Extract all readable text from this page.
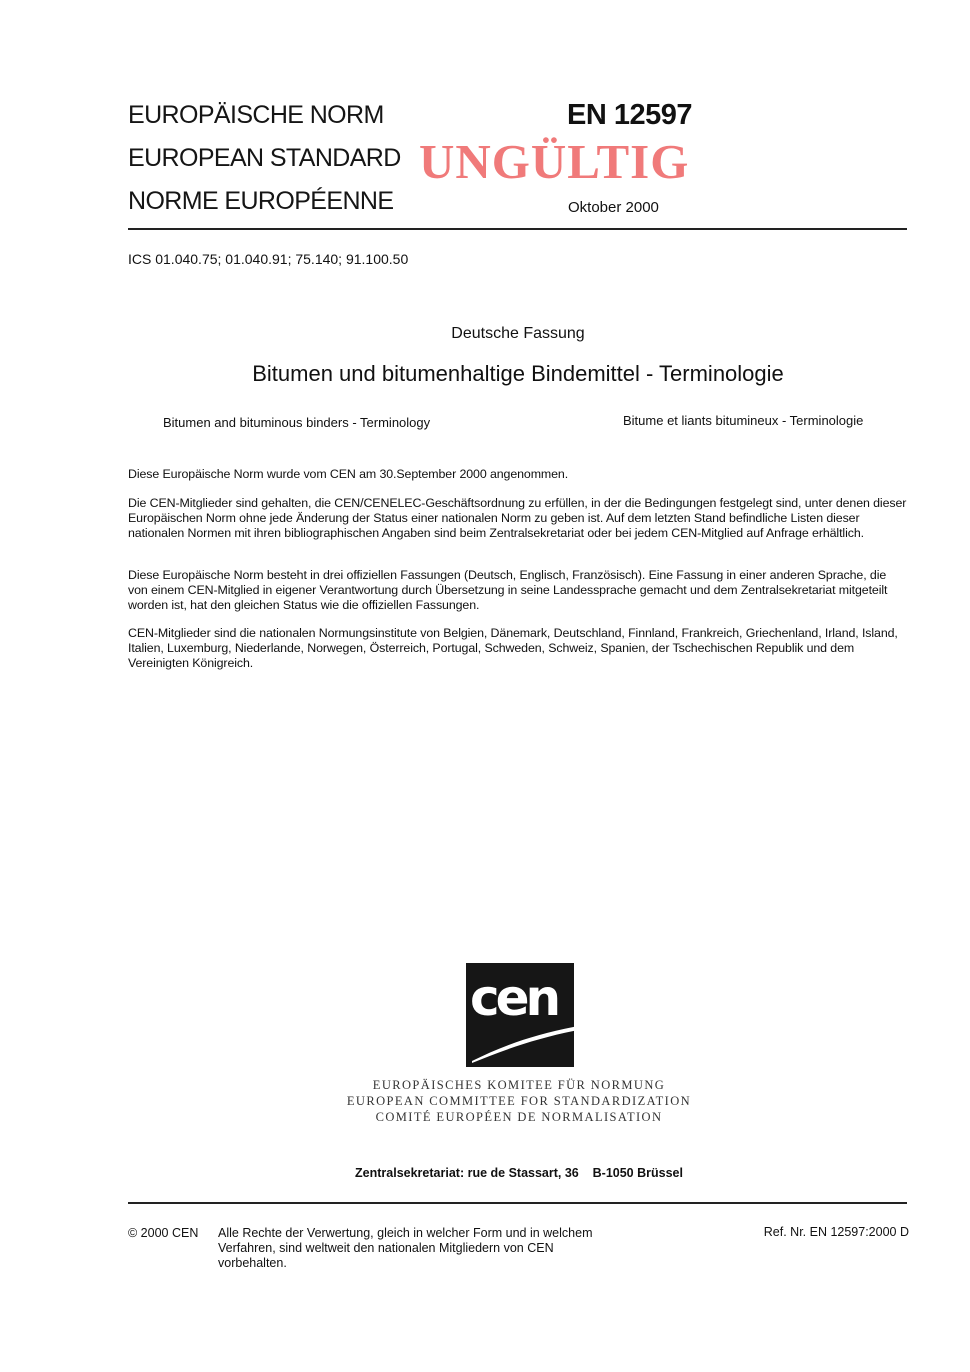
EUROPÄISCHE NORM
EUROPEAN STANDARD
NORME EUROPÉENNE
EN 12597
UNGÜLTIG
Oktober 2000
ICS 01.040.75; 01.040.91; 75.140; 91.100.50
Deutsche Fassung
Bitumen und bitumenhaltige Bindemittel - Terminologie
Bitumen and bituminous binders - Terminology	Bitume et liants bitumineux - Terminologie
Diese Europäische Norm wurde vom CEN am 30.September 2000 angenommen.
Die CEN-Mitglieder sind gehalten, die CEN/CENELEC-Geschäftsordnung zu erfüllen, in der die Bedingungen festgelegt sind, unter denen dieser Europäischen Norm ohne jede Änderung der Status einer nationalen Norm zu geben ist. Auf dem letzten Stand befindliche Listen dieser nationalen Normen mit ihren bibliographischen Angaben sind beim Zentralsekretariat oder bei jedem CEN-Mitglied auf Anfrage erhältlich.
Diese Europäische Norm besteht in drei offiziellen Fassungen (Deutsch, Englisch, Französisch). Eine Fassung in einer anderen Sprache, die von einem CEN-Mitglied in eigener Verantwortung durch Übersetzung in seine Landessprache gemacht und dem Zentralsekretariat mitgeteilt worden ist, hat den gleichen Status wie die offiziellen Fassungen.
CEN-Mitglieder sind die nationalen Normungsinstitute von Belgien, Dänemark, Deutschland, Finnland, Frankreich, Griechenland, Irland, Island, Italien, Luxemburg, Niederlande, Norwegen, Österreich, Portugal, Schweden, Schweiz, Spanien, der Tschechischen Republik und dem Vereinigten Königreich.
cen
EUROPÄISCHES KOMITEE FÜR NORMUNG
EUROPEAN COMMITTEE FOR STANDARDIZATION
COMITÉ EUROPÉEN DE NORMALISATION
Zentralsekretariat: rue de Stassart, 36    B-1050 Brüssel
© 2000 CEN Alle Rechte der Verwertung, gleich in welcher Form und in welchem Verfahren, sind weltweit den nationalen Mitgliedern von CEN vorbehalten.
Ref. Nr. EN 12597:2000 D
